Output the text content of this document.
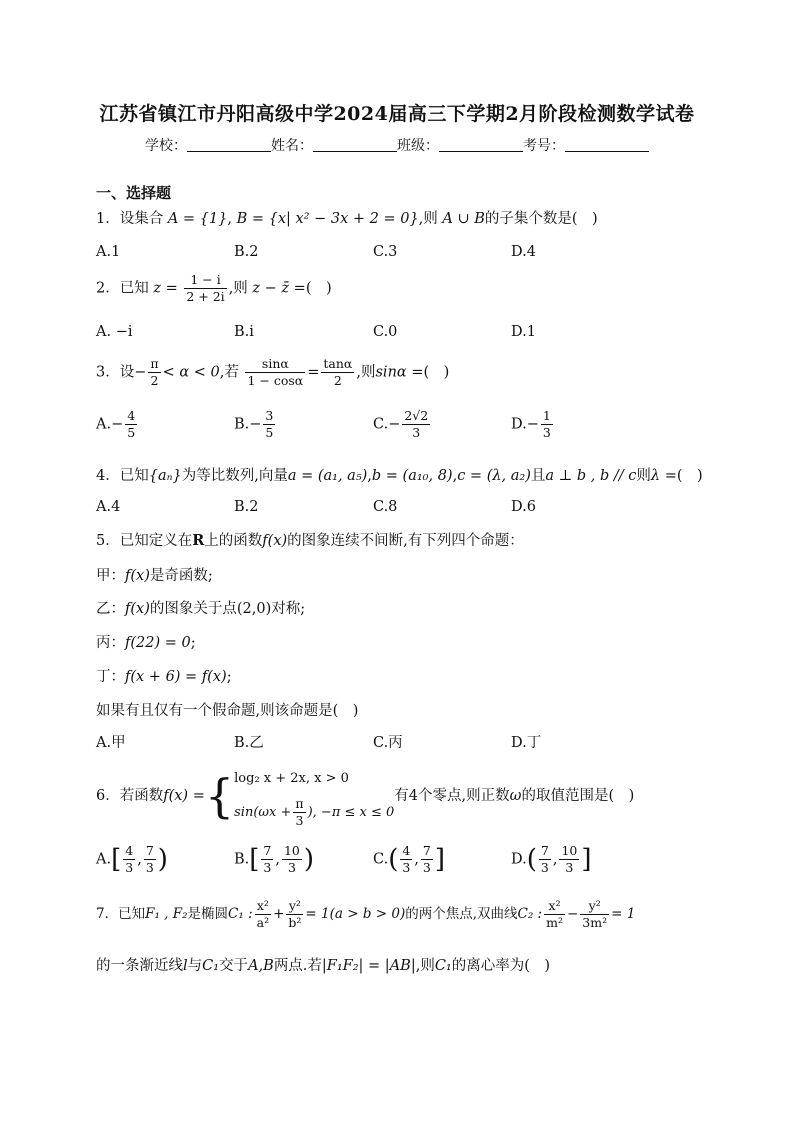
江苏省镇江市丹阳高级中学2024届高三下学期2月阶段检测数学试卷
学校：	姓名：	班级：	考号：
一、选择题
1．设集合 A = {1}, B = {x| x² − 3x + 2 = 0},则 A ∪ B的子集个数是(　)
A.1	B.2	C.3	D.4
2．已知 $z = \frac{1 - i}{2 + 2i}$ ,则 z − z̄ =(　)
A. −i	B.i	C.0	D.1
3．设− $\frac{\pi}{2} < \alpha < 0$,若 $\frac{\sin\alpha}{1 - \cos\alpha} = \frac{\tan\alpha}{2}$ ,则sinα =(　)
$A.- \frac{4}{5}$	$B.- \frac{3}{5}$	$C.- \frac{2√2}{3}$	$D.- \frac{1}{3}$
4．已知{aₙ}为等比数列,向量a = (a₁, a₅),b = (a₁₀, 8),c = (λ, a₂)且a ⊥ b , b // c则λ =(　)
A.4	B.2	C.8	D.6
5．已知定义在R上的函数f(x)的图象连续不间断,有下列四个命题：
甲：f(x)是奇函数;
乙：f(x)的图象关于点(2,0)对称;
丙：f(22) = 0;
丁：f(x + 6) = f(x);
如果有且仅有一个假命题,则该命题是(　)
A.甲	B.乙	C.丙	D.丁
6．若函数f(x) ={ log₂ x + 2x, x > 0
$\sin(\omega x + \frac{\pi}{3}$ ), −π ≤ x ≤ 0
有4个零点,则正数ω的取值范围是(　)
$A.[ \frac{4}{3}$ , $\frac{7}{3}$ )	$B.[ \frac{7}{3}$ , $\frac{10}{3}$ )	$C.( \frac{4}{3}$ , $\frac{7}{3}$ ]	$D.( \frac{7}{3}$ , $\frac{10}{3}$ ]
7．已知F₁ , F₂是椭圆C₁ : $\frac{\text{x²}}{\text{a²}} + \frac{\text{y²}}{\text{b²}} = 1(a > b > 0)$的两个焦点,双曲线C₂ : $\frac{\text{x²}}{\text{m²}} - \frac{\text{y²}}{\text{3m²}} = 1$
的一条渐近线l与C₁交于A,B两点.若|F₁F₂| = |AB|,则C₁的离心率为(　)
